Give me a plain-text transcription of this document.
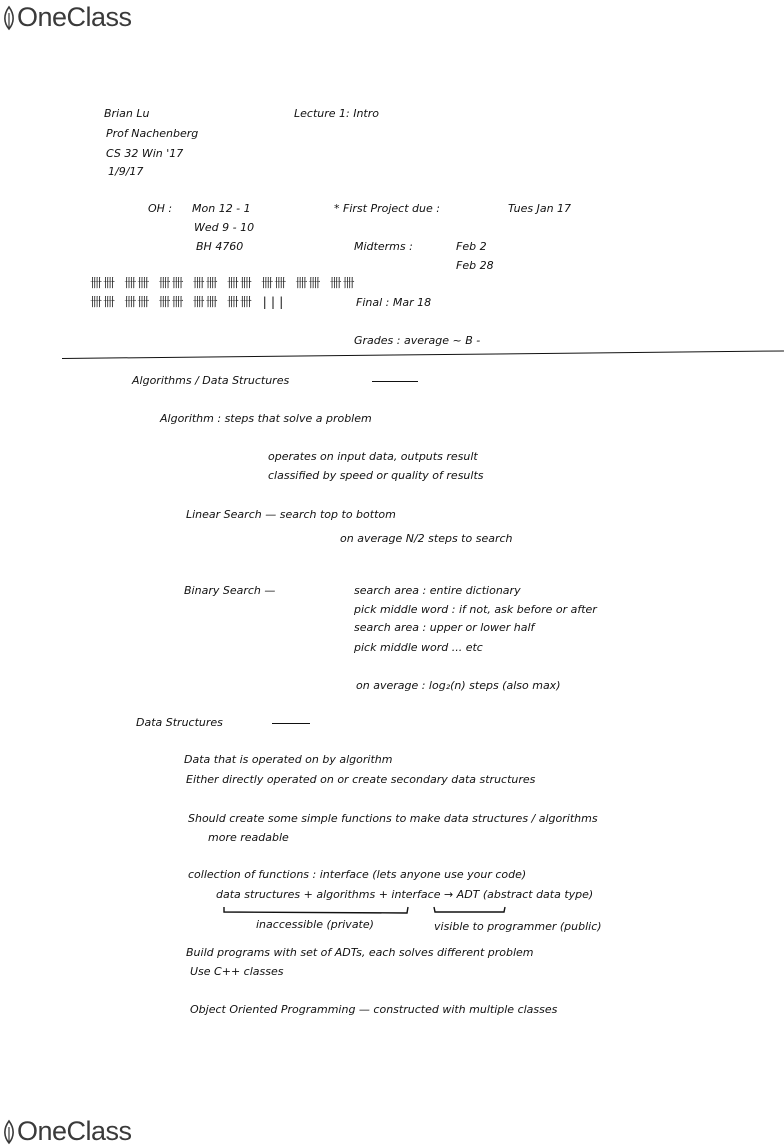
OneClass
Brian Lu
Prof Nachenberg
CS 32 Win '17
1/9/17
Lecture 1: Intro
OH : Mon 12 - 1
Wed 9 - 10
BH 4760
卌卌 卌卌 卌卌 卌卌 卌卌 卌卌 卌卌 卌卌
卌卌 卌卌 卌卌 卌卌 卌卌 |||
* First Project due :	Tues Jan 17
Midterms :	Feb 2
Feb 28
Final : Mar 18
Grades : average ~ B -
Algorithms / Data Structures
Algorithm : steps that solve a problem
operates on input data, outputs result
classified by speed or quality of results
Linear Search — search top to bottom
on average N/2 steps to search
Binary Search —	search area : entire dictionary
pick middle word : if not, ask before or after
search area : upper or lower half
pick middle word ... etc
on average : log₂(n) steps (also max)
Data Structures
Data that is operated on by algorithm
Either directly operated on or create secondary data structures
Should create some simple functions to make data structures / algorithms
more readable
collection of functions : interface (lets anyone use your code)
data structures + algorithms + interface → ADT (abstract data type)
inaccessible (private)	visible to programmer (public)
Build programs with set of ADTs, each solves different problem
Use C++ classes
Object Oriented Programming — constructed with multiple classes
OneClass
